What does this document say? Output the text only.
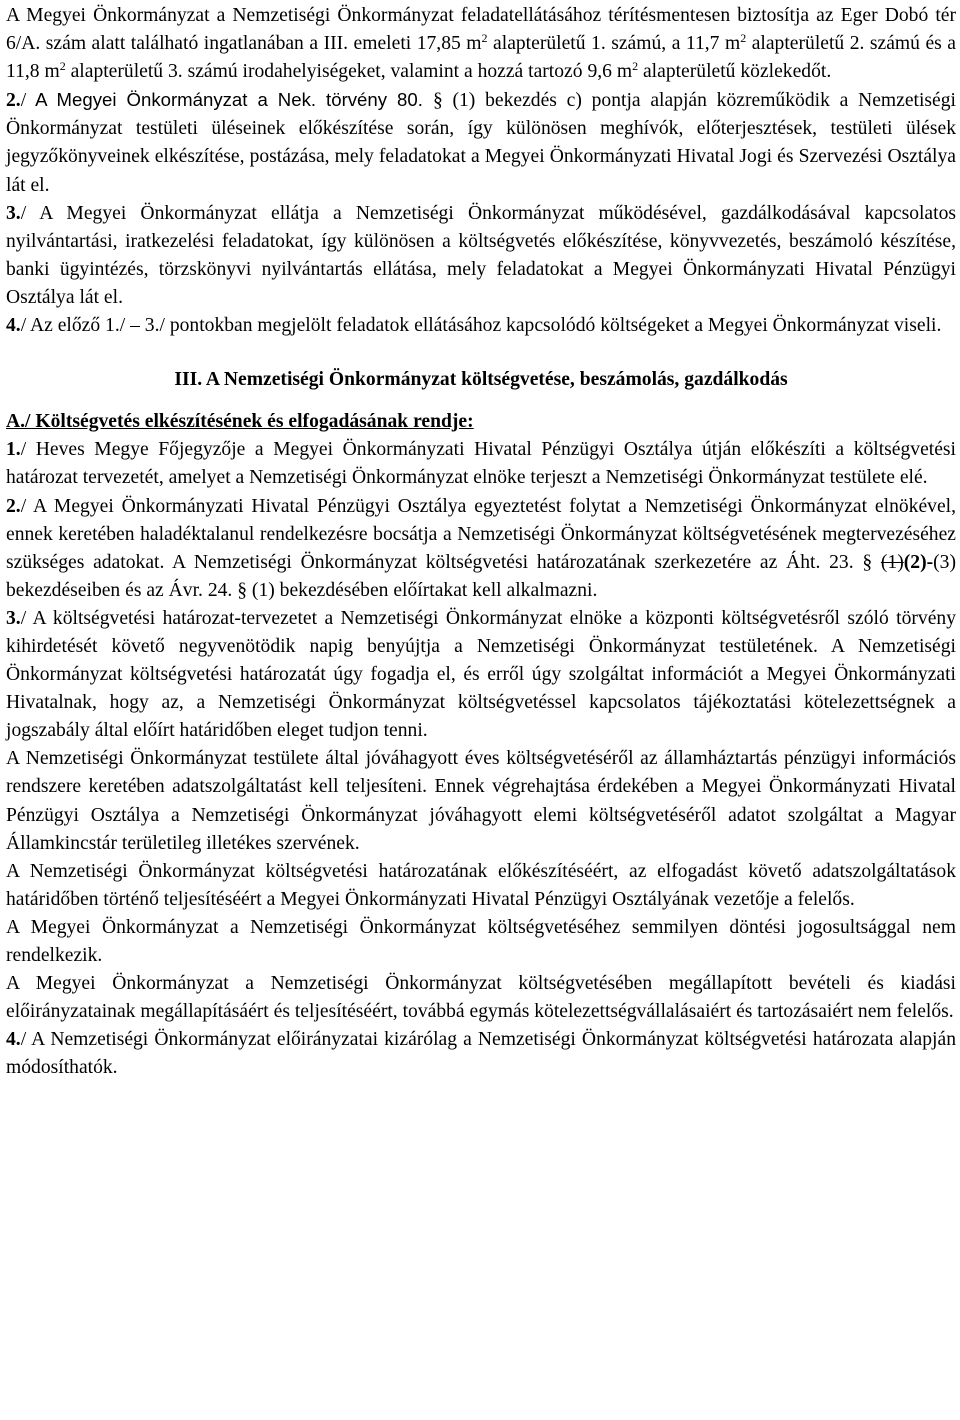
A Megyei Önkormányzat a Nemzetiségi Önkormányzat feladatellátásához térítésmentesen biztosítja az Eger Dobó tér 6/A. szám alatt található ingatlanában a III. emeleti 17,85 $m^2$ alapterületű 1. számú, a 11,7 $m^2$ alapterületű 2. számú és a 11,8 $m^2$ alapterületű 3. számú irodahelyiségeket, valamint a hozzá tartozó 9,6 $m^2$ alapterületű közlekedőt.

2./ A Megyei Önkormányzat a Nek. törvény 80. § (1) bekezdés c) pontja alapján közreműködik a Nemzetiségi Önkormányzat testületi üléseinek előkészítése során, így különösen meghívók, előterjesztések, testületi ülések jegyzőkönyveinek elkészítése, postázása, mely feladatokat a Megyei Önkormányzati Hivatal Jogi és Szervezési Osztálya lát el.

3./ A Megyei Önkormányzat ellátja a Nemzetiségi Önkormányzat működésével, gazdálkodásával kapcsolatos nyilvántartási, iratkezelési feladatokat, így különösen a költségvetés előkészítése, könyvvezetés, beszámoló készítése, banki ügyintézés, törzskönyvi nyilvántartás ellátása, mely feladatokat a Megyei Önkormányzati Hivatal Pénzügyi Osztálya lát el.

4./ Az előző 1./ – 3./ pontokban megjelölt feladatok ellátásához kapcsolódó költségeket a Megyei Önkormányzat viseli.

III. A Nemzetiségi Önkormányzat költségvetése, beszámolás, gazdálkodás
A./ Költségvetés elkészítésének és elfogadásának rendje:

1./ Heves Megye Főjegyzője a Megyei Önkormányzati Hivatal Pénzügyi Osztálya útján előkészíti a költségvetési határozat tervezetét, amelyet a Nemzetiségi Önkormányzat elnöke terjeszt a Nemzetiségi Önkormányzat testülete elé.

2./ A Megyei Önkormányzati Hivatal Pénzügyi Osztálya egyeztetést folytat a Nemzetiségi Önkormányzat elnökével, ennek keretében haladéktalanul rendelkezésre bocsátja a Nemzetiségi Önkormányzat költségvetésének megtervezéséhez szükséges adatokat. A Nemzetiségi Önkormányzat költségvetési határozatának szerkezetére az Áht. 23. § (1)(2)-(3) bekezdéseiben és az Ávr. 24. § (1) bekezdésében előírtakat kell alkalmazni.

3./ A költségvetési határozat-tervezetet a Nemzetiségi Önkormányzat elnöke a központi költségvetésről szóló törvény kihirdetését követő negyvenötödik napig benyújtja a Nemzetiségi Önkormányzat testületének. A Nemzetiségi Önkormányzat költségvetési határozatát úgy fogadja el, és erről úgy szolgáltat információt a Megyei Önkormányzati Hivatalnak, hogy az, a Nemzetiségi Önkormányzat költségvetéssel kapcsolatos tájékoztatási kötelezettségnek a jogszabály által előírt határidőben eleget tudjon tenni.

A Nemzetiségi Önkormányzat testülete által jóváhagyott éves költségvetéséről az államháztartás pénzügyi információs rendszere keretében adatszolgáltatást kell teljesíteni. Ennek végrehajtása érdekében a Megyei Önkormányzati Hivatal Pénzügyi Osztálya a Nemzetiségi Önkormányzat jóváhagyott elemi költségvetéséről adatot szolgáltat a Magyar Államkincstár területileg illetékes szervének.

A Nemzetiségi Önkormányzat költségvetési határozatának előkészítéséért, az elfogadást követő adatszolgáltatások határidőben történő teljesítéséért a Megyei Önkormányzati Hivatal Pénzügyi Osztályának vezetője a felelős.

A Megyei Önkormányzat a Nemzetiségi Önkormányzat költségvetéséhez semmilyen döntési jogosultsággal nem rendelkezik.

A Megyei Önkormányzat a Nemzetiségi Önkormányzat költségvetésében megállapított bevételi és kiadási előirányzatainak megállapításáért és teljesítéséért, továbbá egymás kötelezettségvállalásaiért és tartozásaiért nem felelős.

4./ A Nemzetiségi Önkormányzat előirányzatai kizárólag a Nemzetiségi Önkormányzat költségvetési határozata alapján módosíthatók.
